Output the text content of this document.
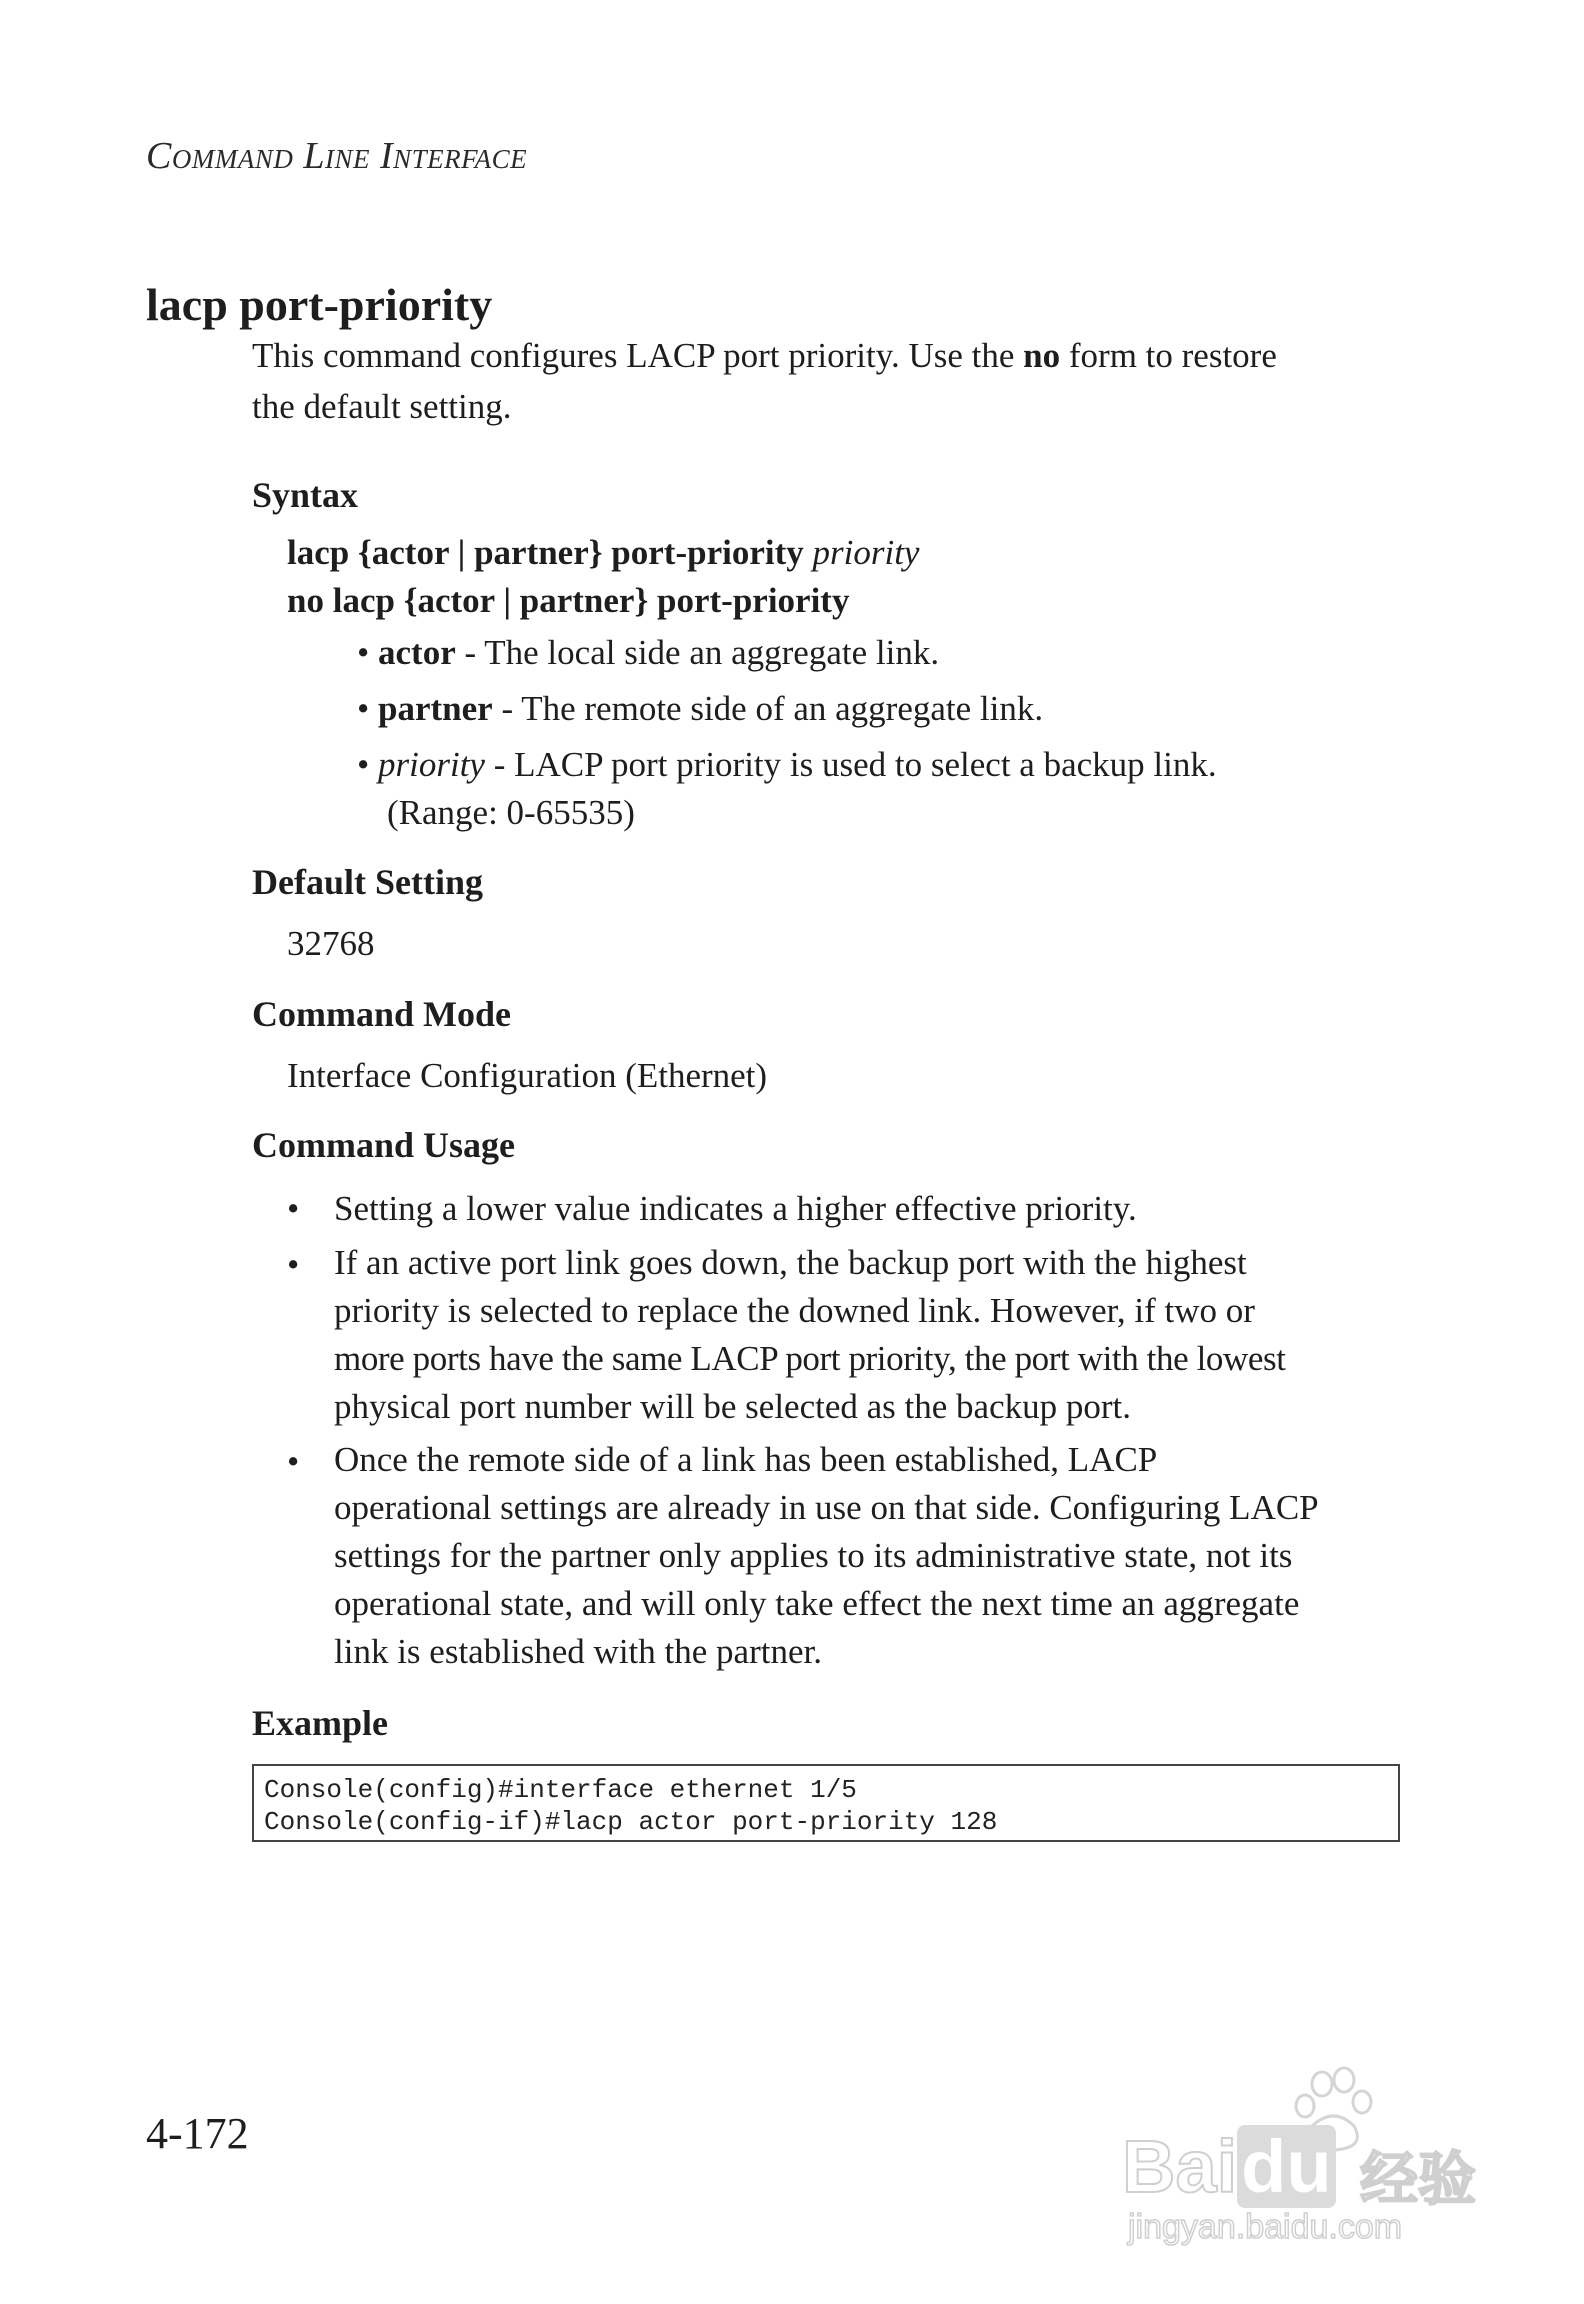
Command Line Interface
lacp port-priority
This command configures LACP port priority. Use the no form to restore
the default setting.
Syntax
lacp {actor | partner} port-priority priority
no lacp {actor | partner} port-priority
• actor - The local side an aggregate link.
• partner - The remote side of an aggregate link.
• priority - LACP port priority is used to select a backup link.
(Range: 0-65535)
Default Setting
32768
Command Mode
Interface Configuration (Ethernet)
Command Usage
• Setting a lower value indicates a higher effective priority.
• If an active port link goes down, the backup port with the highest
priority is selected to replace the downed link. However, if two or
more ports have the same LACP port priority, the port with the lowest
physical port number will be selected as the backup port.
• Once the remote side of a link has been established, LACP
operational settings are already in use on that side. Configuring LACP
settings for the partner only applies to its administrative state, not its
operational state, and will only take effect the next time an aggregate
link is established with the partner.
Example
Console(config)#interface ethernet 1/5
Console(config-if)#lacp actor port-priority 128
4-172	Baidu 经验
jingyan.baidu.com
